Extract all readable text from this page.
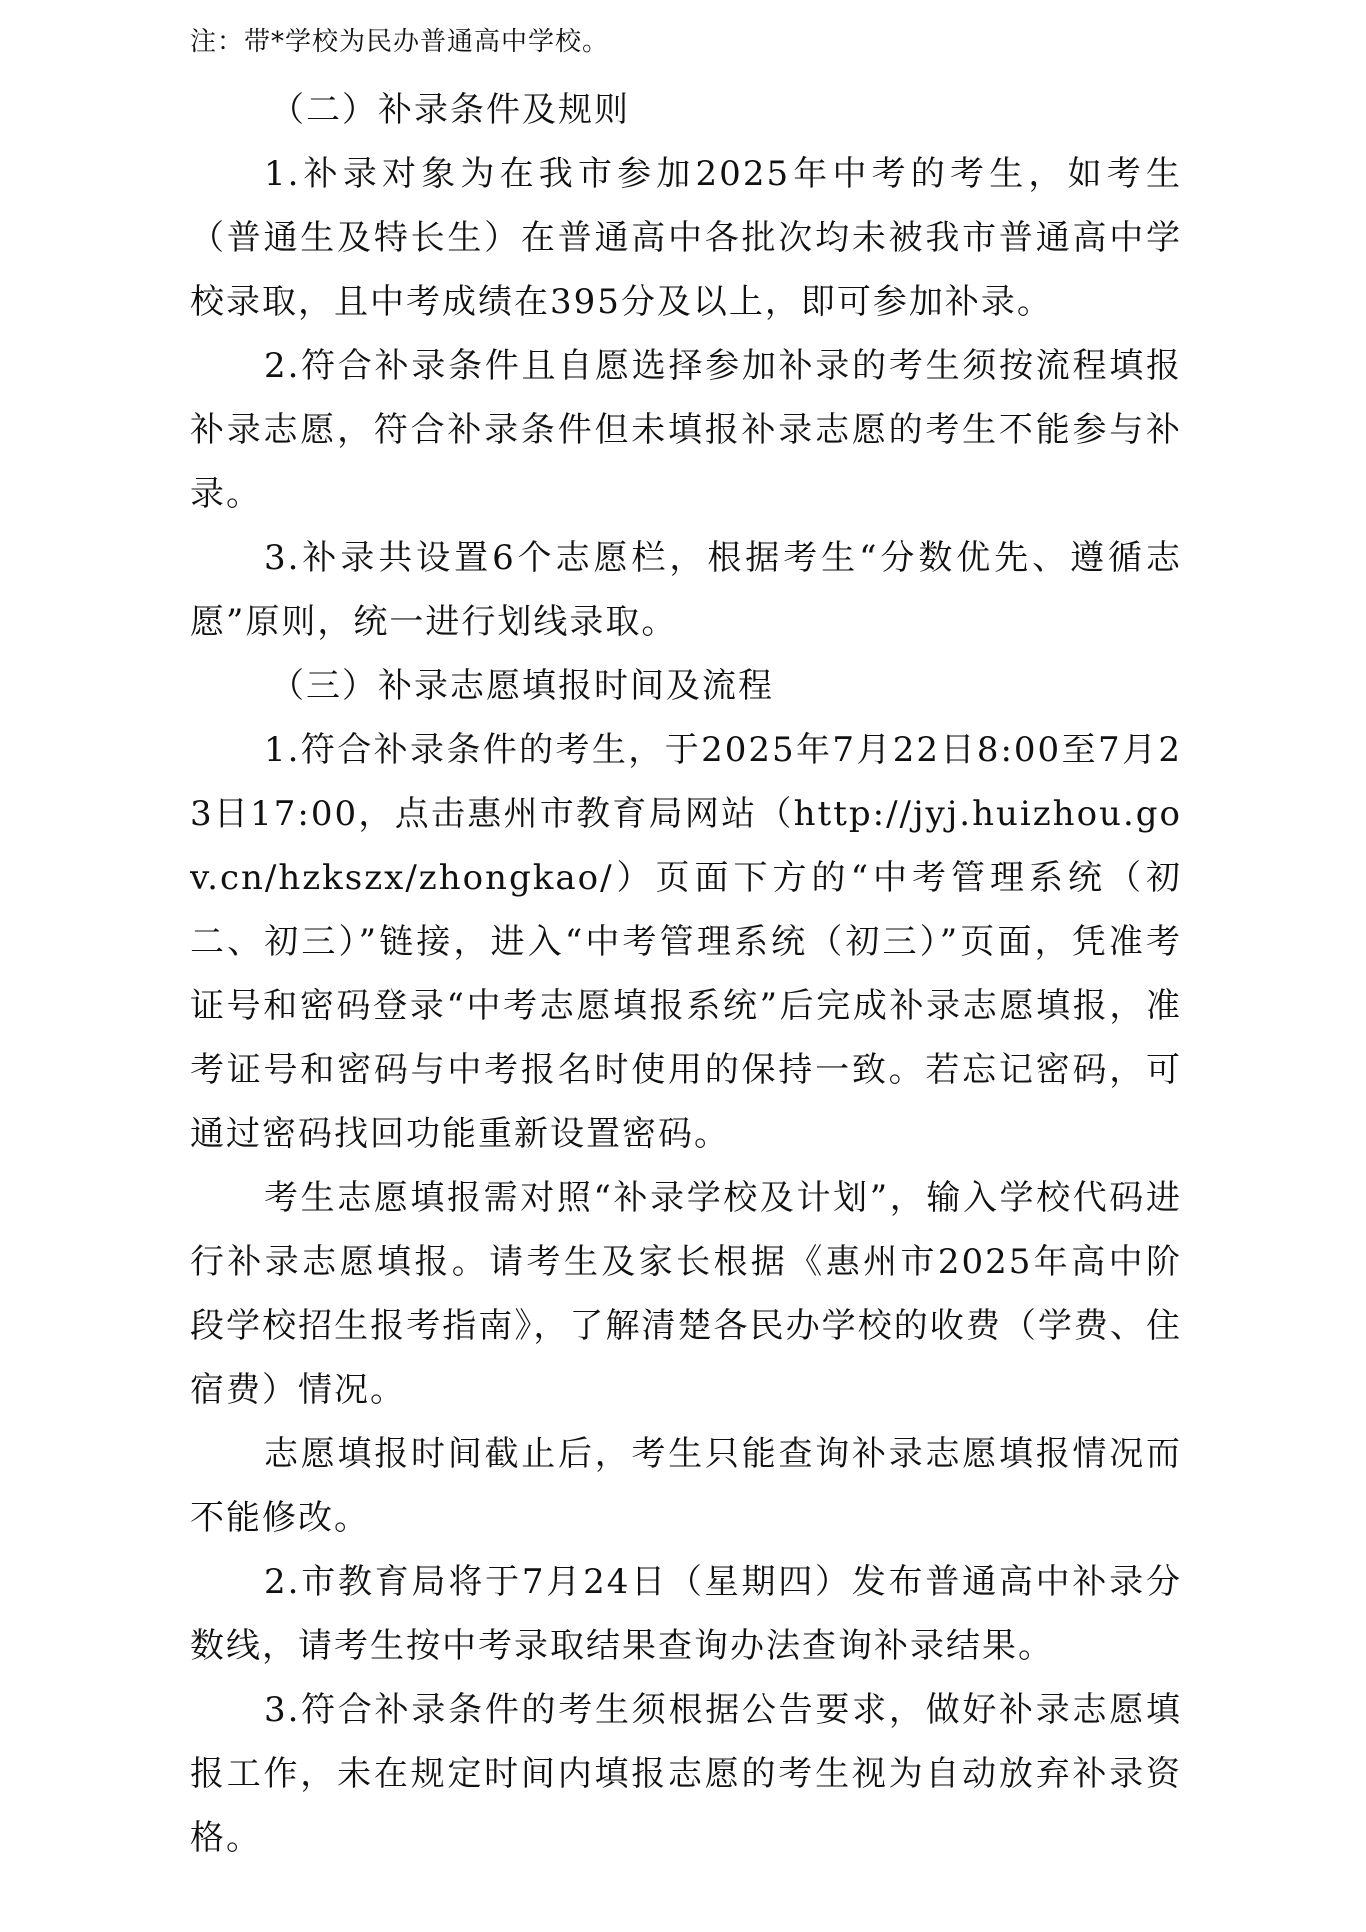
注：带*学校为民办普通高中学校。

（二）补录条件及规则

1.补录对象为在我市参加2025年中考的考生，如考生（普通生及特长生）在普通高中各批次均未被我市普通高中学校录取，且中考成绩在395分及以上，即可参加补录。

2.符合补录条件且自愿选择参加补录的考生须按流程填报补录志愿，符合补录条件但未填报补录志愿的考生不能参与补录。

3.补录共设置6个志愿栏，根据考生“分数优先、遵循志愿”原则，统一进行划线录取。

（三）补录志愿填报时间及流程

1.符合补录条件的考生，于2025年7月22日8:00至7月23日17:00，点击惠州市教育局网站（http://jyj.huizhou.gov.cn/hzkszx/zhongkao/）页面下方的“中考管理系统（初二、初三）”链接，进入“中考管理系统（初三）”页面，凭准考证号和密码登录“中考志愿填报系统”后完成补录志愿填报，准考证号和密码与中考报名时使用的保持一致。若忘记密码，可通过密码找回功能重新设置密码。

考生志愿填报需对照“补录学校及计划”，输入学校代码进行补录志愿填报。请考生及家长根据《惠州市2025年高中阶段学校招生报考指南》，了解清楚各民办学校的收费（学费、住宿费）情况。

志愿填报时间截止后，考生只能查询补录志愿填报情况而不能修改。

2.市教育局将于7月24日（星期四）发布普通高中补录分数线，请考生按中考录取结果查询办法查询补录结果。

3.符合补录条件的考生须根据公告要求，做好补录志愿填报工作，未在规定时间内填报志愿的考生视为自动放弃补录资格。
